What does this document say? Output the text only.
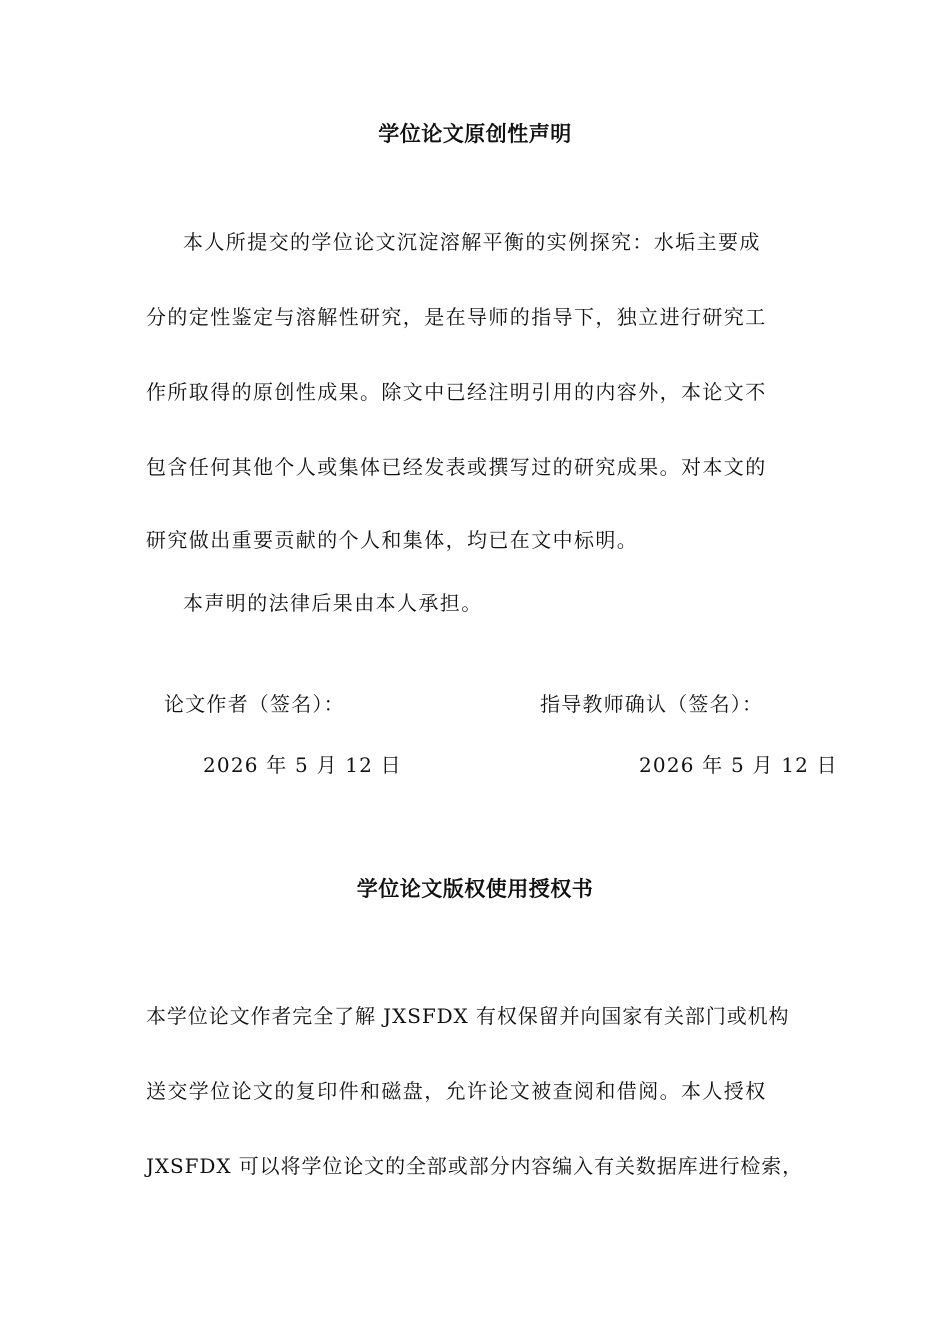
学位论文原创性声明
本人所提交的学位论文沉淀溶解平衡的实例探究：水垢主要成
分的定性鉴定与溶解性研究，是在导师的指导下，独立进行研究工
作所取得的原创性成果。除文中已经注明引用的内容外，本论文不
包含任何其他个人或集体已经发表或撰写过的研究成果。对本文的
研究做出重要贡献的个人和集体，均已在文中标明。
本声明的法律后果由本人承担。
论文作者（签名）：	指导教师确认（签名）：
2026 年 5 月 12 日	2026 年 5 月 12 日
学位论文版权使用授权书
本学位论文作者完全了解 JXSFDX 有权保留并向国家有关部门或机构
送交学位论文的复印件和磁盘，允许论文被查阅和借阅。本人授权
JXSFDX 可以将学位论文的全部或部分内容编入有关数据库进行检索，
